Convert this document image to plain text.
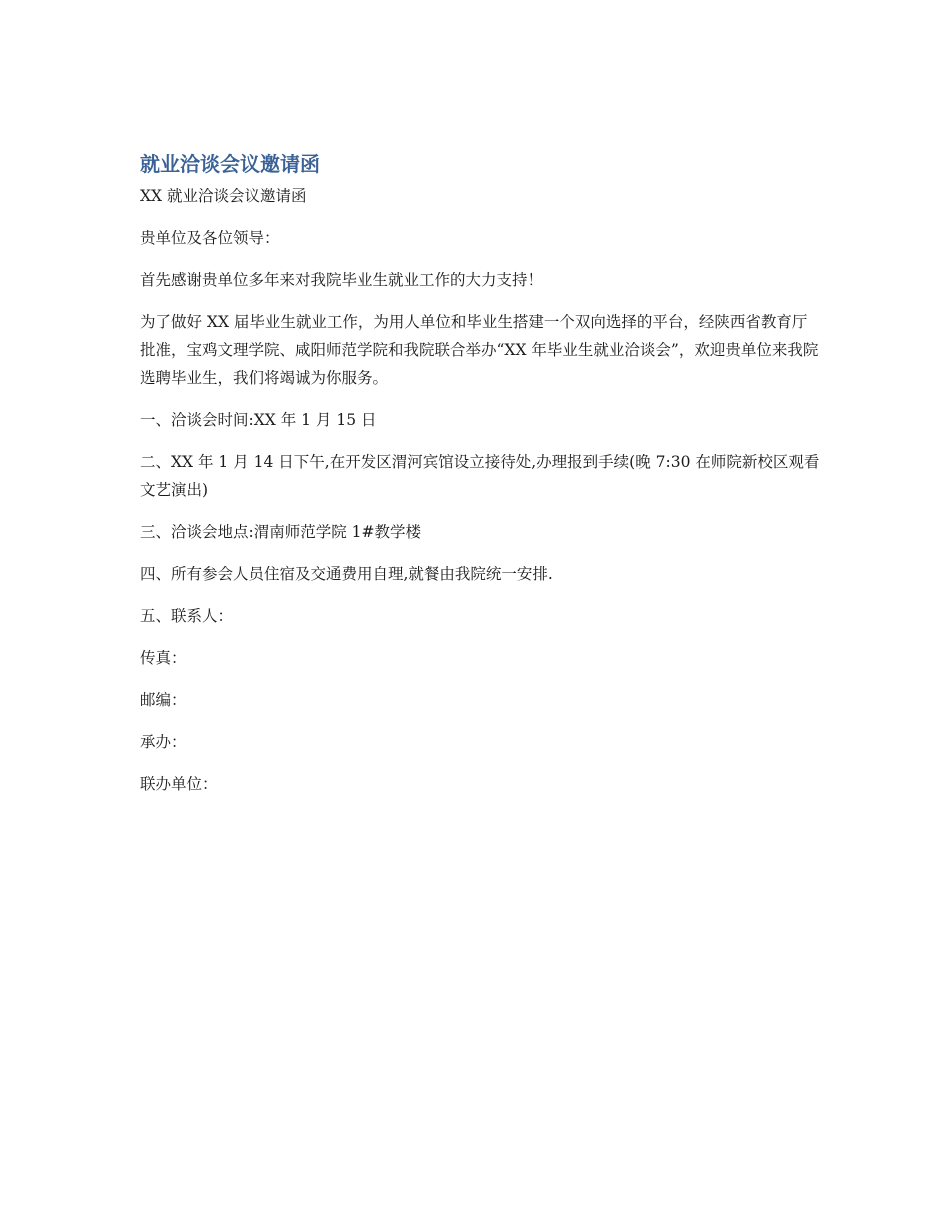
就业洽谈会议邀请函

XX 就业洽谈会议邀请函

贵单位及各位领导：

首先感谢贵单位多年来对我院毕业生就业工作的大力支持！

为了做好 XX 届毕业生就业工作，为用人单位和毕业生搭建一个双向选择的平台，经陕西省教育厅批准，宝鸡文理学院、咸阳师范学院和我院联合举办“XX 年毕业生就业洽谈会”，欢迎贵单位来我院选聘毕业生，我们将竭诚为你服务。

一、洽谈会时间:XX 年 1 月 15 日

二、XX 年 1 月 14 日下午,在开发区渭河宾馆设立接待处,办理报到手续(晚 7:30 在师院新校区观看文艺演出)

三、洽谈会地点:渭南师范学院 1#教学楼

四、所有参会人员住宿及交通费用自理,就餐由我院统一安排.

五、联系人：

传真：

邮编：

承办：

联办单位：
